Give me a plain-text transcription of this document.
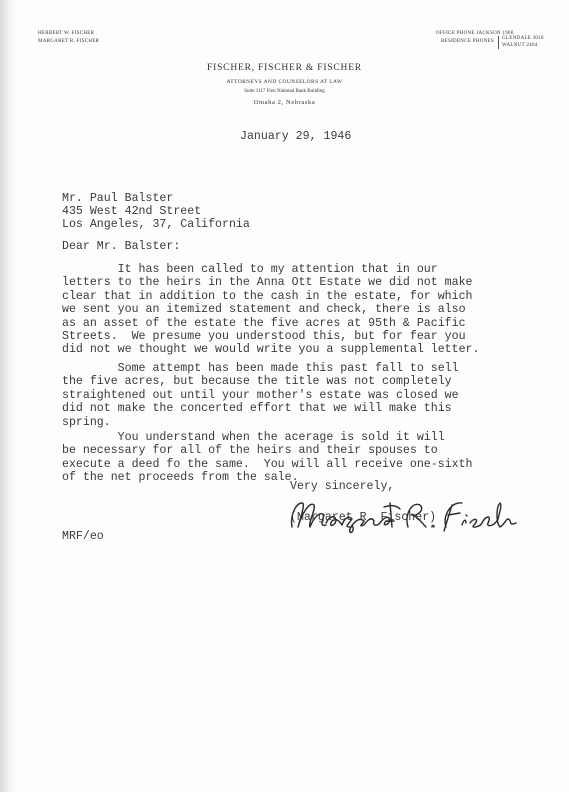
HERBERT W. FISCHER
MARGARET R. FISCHER
OFFICE PHONE JACKSON 1966
RESIDENCE PHONES
GLENDALE 3018
WALNUT 2404
FISCHER, FISCHER & FISCHER
ATTORNEYS AND COUNSELORS AT LAW
Suite 1117 First National Bank Building
Omaha 2, Nebraska
January 29, 1946
Mr. Paul Balster
435 West 42nd Street
Los Angeles, 37, California
Dear Mr. Balster:
It has been called to my attention that in our
letters to the heirs in the Anna Ott Estate we did not make
clear that in addition to the cash in the estate, for which
we sent you an itemized statement and check, there is also
as an asset of the estate the five acres at 95th & Pacific
Streets.  We presume you understood this, but for fear you
did not we thought we would write you a supplemental letter.
Some attempt has been made this past fall to sell
the five acres, but because the title was not completely
straightened out until your mother's estate was closed we
did not make the concerted effort that we will make this
spring.
You understand when the acerage is sold it will
be necessary for all of the heirs and their spouses to
execute a deed fo the same.  You will all receive one-sixth
of the net proceeds from the sale.
Very sincerely,
(Margaret R. Fischer)
MRF/eo
